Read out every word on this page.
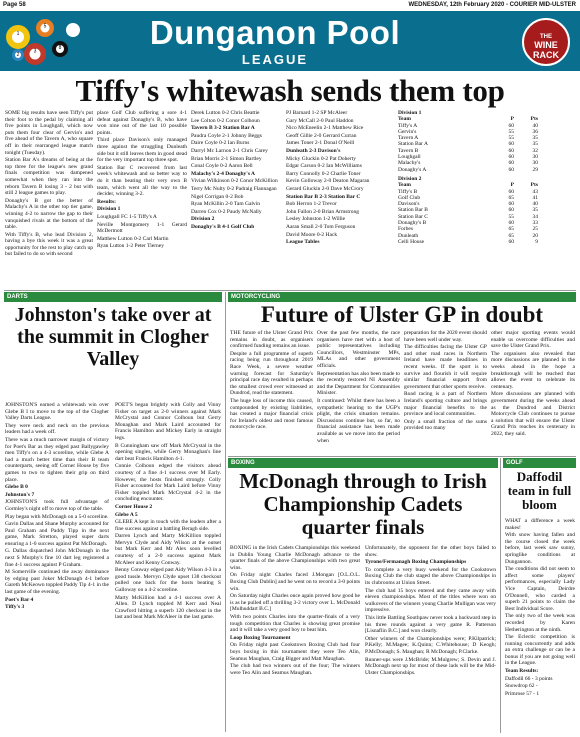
Page 58	WEDNESDAY, 12th February 2020 - COURIER MID-ULSTER
1
3
5
8
2
Dunganon Pool
LEAGUE
THE
WINE RACK
Tiffy's whitewash sends them top

SOME big results have seen Tiffy's put their foot to the pedal by claiming all five points in Loughgall, which now puts them four clear of Gervin's and five ahead of the Tavern A, who square off in their rearranged league match tonight (Tuesday).

Station Bar A's dreams of being at the top three for the league's new grand finals competition was dampened somewhat when they ran into the reborn Tavern B losing 3 - 2 but with still 2 league games to play.

Donaghy's B got the better of Malachy's A in the other top tier game, winning 4-2 to narrow the gap to their vanquished rivals at the bottom of the table.

With Tiffy's B, who lead Division 2, having a bye this week it was a great opportunity for the rest to play catch up but failed to do so with second

place Golf Club suffering a sore 4-1 defeat against Donaghy's B, who have won nine out of the last 10 possible points.

Third place Davison's only managed three against the struggling Dunleath side but it still leaves them in good stead for the very important top three spot.

Station Bar C recovered from last week's whitewash and so better way to do it than beating their very own B team, which went all the way to the decider, winning 3-2.

Results:

Division 1

Loughgall FC 1-5 Tiffy's A

Neville Montgomery 1-1 Gerard McDermott

Matthew Lutton 0-2 Carl Martin

Ryan Lutton 1-2 Peter Tierney

Derek Lutton 0-2 Chris Beattie

Lee Colton 0-2 Conor Colhoun

Tavern B 3-2 Station Bar A

Paudra Coyle 2-1 Johnny Beggs

Daire Coyle 0-2 Ian Burns

Darryl Mc Larnon 2-1 Chris Carey

Brian Morris 2-1 Simon Bartley

Conal Coyle 0-2 Aaron Bell

Malachy's 2-4 Donaghy's A

Vivian Wilkinson 0-2 Conor McKillion

Terry Mc Nulty 0-2 Padraig Flannagan

Nigel Corrigan 0-2 Bob

Ryan McKillin 2-0 Tam Galvin

Darren Cox 0-2 Paudy McNally

Division 2

Donaghy's B 4-1 Golf Club

PJ Barnard 1-2 SP McAleer

Gary McCall 2-0 Paul Haddon

Nico McEneelin 2-1 Matthew Rice

Geoff Gillie 2-0 Gerrard Curran

James Toner 2-1 Donal O'Neill

Dunleath 2-3 Davison's

Micky Gluckin 0-2 Pat Doherty

Edgar Carson 0-2 Ian McWilliams

Barry Connolly 0-2 Charlie Toner

Kevin Golloway 2-0 Deaton Magaran

Gerard Gluckin 2-0 Dave McCrory

Station Bar B 2-3 Station Bar C

Bob Herron 1-2 Trevor

John Fallon 2-0 Brian Armstrong

Lesley Johnston 1-2 Willie

Aaran Small 2-0 Tom Ferguson

David Moore 0-2 Hack

League Tables

Division 1		
Team	P	Pts
Tiffy's A	60	40
Gervin's	55	36
Tavern A	55	35
Station Bar A	60	35
Tavern B	60	32
Loughgall	60	30
Malachy's	60	30
Donaghy's A	60	29
Division 2		
Team	P	Pts
Tiffy's B	60	43
Golf Club	65	41
Davison's	60	40
Station Bar B	60	35
Station Bar C	55	34
Donaghy's B	60	33
Forbes	65	25
Dunleath	65	20
Celli House	60	9
DARTS
Johnston's take over at the summit in Clogher Valley

JOHNSTON'S earned a whitewash win over Glebe B I to move to the top of the Clogher Valley Darts League.

They were neck and neck on the previous leaders had a week off.

There was a much narrower margin of victory for Poet's Bar as they edged past Ballygawley men Tiffy's on a 4-3 scoreline, while Glebe A had a much better time than their B team counterparts, seeing off Corner House by five games to two to tighten their grip on third place.

Glebe B 0

Johnston's 7

JOHNSTON'S took full advantage of Gormley's night off to move top of the table.

Play began with McDonagh on a 5-0 scoreline.

Gavin Dallas and Shane Murphy accounted for Paul Graham and Paddy Tipp in the next game, Mark Stretton, played super darts ensuring a 1-0 success against Pat McDonagh.

G. Dallas dispatched John McDonagh in the next S Murphy's fine 10 dart leg registered a fine 4-1 success against P Graham.

M Somerville continued the away dominance by edging past Joker McDonagh 4-1 before Gareth McKeown toppled Paddy Tip 4-1 in the last game of the evening.

Poet's Bar 4

Tiffy's 3

POET'S began brightly with Colly and Vinny Fisher on target as 2-0 winners against Mark McCrystal and Connor Colhoun but Gerry Monaghan and Mark Laird accounted for Francis Hamilton and Mickey Early in straight legs.

B Cunningham saw off Mark McCrystal in the opening singles, while Gerry Monaghan's line dart beat Francis Hamilton 4-1.

Connie Colhoun edged the visitors ahead courtesy of a fine 4-1 success over M Early. However, the hosts finished strongly. Colly Fisher accounted for Mark Laird before Vinny Fisher toppled Mark McCrystal 4-2 in the concluding encounter.

Corner House 2

Glebe A 5

GLEBE A kept in touch with the leaders after a fine success against a battling Beragh side.

Darren Lynch and Marty McKillion toppled Mervyn Clyde and Aidy Wilson at the outset but Mark Kerr and Mr Alex soon levelled courtesy of a 2-0 success against Mark McAleer and Kenny Conway.

Benny Conway edged past Aidy Wilson 4-3 in a good tussle. Mervyn Clyde upset 138 checkout pulled one back for the hosts beating S Galloway on a 4-2 scoreline.

Marty McKillion had a 4-1 success over A Allen. D Lynch toppled M Kerr and Neal Crawford hitting a superb 120 checkout in the last and beat Mark McAleer in the last game.

MOTORCYCLING
Future of Ulster GP in doubt

THE future of the Ulster Grand Prix remains in doubt, as organisers confirmed funding remains an issue.

Despite a full programme of superb racing being run throughout 2019 Race Week, a severe weather warning forecast for Saturday's principal race day resulted in perhaps the smallest crowd ever witnessed at Dundrod, read the statement.

The huge loss of income this caused, compounded by existing liabilities, has created a major financial crisis for Ireland's oldest and most famous motorcycle race.

Over the past few months, the race organisers have met with a host of public representatives including Councillors, Westminster MPs, MLAs and other government officials.

Representation has also been made to the recently restored NI Assembly and the Department for Communities Minister.

It continued: Whilst there has been a sympathetic hearing to the UGP's plight, the crisis situation remains. Discussions continue but, so far, no financial assistance has been made available as we move into the period when

preparation for the 2020 event should have been well under way.

The difficulties facing the Ulster GP and other road races in Northern Ireland have made headlines in recent weeks. If the sport is to survive and flourish it will require similar financial support from government that other sports receive.

Road racing is a part of Northern Ireland's sporting culture and brings major financial benefits to the province and local communities.

Only a small fraction of the sums provided too many

other major sporting events would enable us overcome difficulties and save the Ulster Grand Prix.

The organisers also revealed that more discussions are planned in the weeks ahead in the hope a breakthrough will be reached that allows the event to celebrate its centenary.

More discussions are planned with government during the weeks ahead as the Dundrod and District Motorcycle Club continues to pursue a solution that will ensure the Ulster Grand Prix reaches its centenary in 2022, they said.

BOXING
McDonagh through to Irish Championship Cadets quarter finals

BOXING in the Irish Cadets Championships this weekend in Dublin Young Charlie McDonagh advance to the quarter finals of the above Championships with two great wins.

On Friday night Charles faced J.Mongan [O.L.O.L. Boxing Club Dublin] and he went on to record a 3-0 points win.

On Saturday night Charles once again proved how good he is as he pulled off a thrilling 3-2 victory over L. McDonald [Mulhuddart B.C.]

With two points Charles into the quarter-finals of a very tough competition that Charles is showing great promise and it will take a very good boy to beat him.

Loop Boxing Tournament

On Friday night past Cookstown Boxing Club had four boys boxing in this tournament they were Teo Alin, Seamus Maughan, Craig Bigger and Matt Maughan.

The club had two winners out of the four; The winners were Teo Alin and Seamus Maughan.

Unfortunately, the opponent for the other boys failed to show.

Tyrone/Fermanagh Boxing Championships

To complete a very busy weekend for the Cookstown Boxing Club the club staged the above Championships in its clubrooms at Union Street.

The club had 15 boys entered and they came away with eleven championships. Most of the titles where won on walkovers of the winners young Charlie Mulligan was very impressive.

This little Battling Southpaw never took a backward step in his three rounds against a very game R. Patterson [Lisnaflin B.C.] and won clearly.

Other winners of the Championships were; P.Kilpatrick; P.Kelly; M.Magee; K.Quinn; C.Whitehouse; D Keogh; P.McDonagh; S. Maughan; R McDonagh; P.Clarke.

Runner-ups were J.McBride; M.Mulgrew; S. Devin and J. McDonagh next up for most of these lads will be the Mid-Ulster Championships.

GOLF
Daffodil team in full bloom

WHAT a difference a week makes!

With snow having fallen and the course closed the week before, last week saw sunny, springlike conditions at Dungannon.

The conditions did not seem to affect some players' performances, especially Lady Vice Captain, Deirdre O'Donnell, who carded a superb 21 points to claim the Best Individual Score.

The only two of the week was recorded by Karen Hetherington at the ninth.

The Eclectic competition is running concurrently and adds an extra challenge or can be a bonus if you are not going well in the League.

Team Results:

Daffodil 66 - 3 points

Snowdrop 62 -

Primrose 57 - 1
